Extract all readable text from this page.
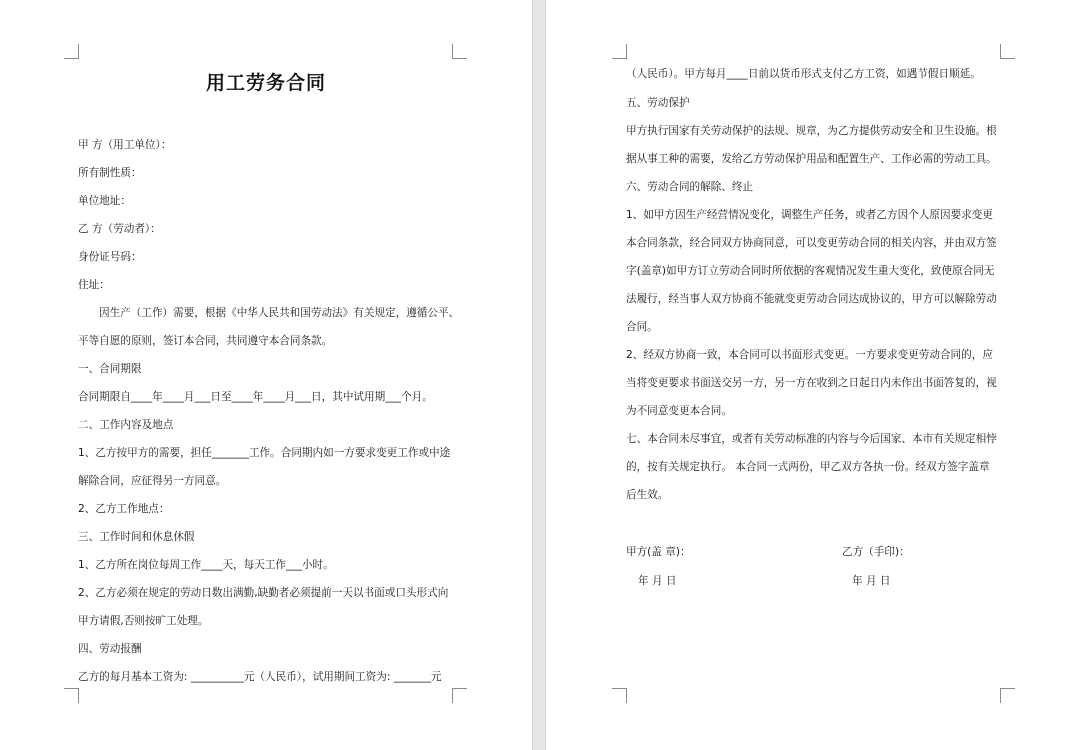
用工劳务合同
甲 方（用工单位）：
所有制性质：
单位地址：
乙 方（劳动者）：
身份证号码：
住址：
因生产（工作）需要，根据《中华人民共和国劳动法》有关规定，遵循公平、
平等自愿的原则，签订本合同，共同遵守本合同条款。
一、合同期限
合同期限自____年____月___日至____年____月___日，其中试用期___个月。
二、工作内容及地点
1、乙方按甲方的需要，担任_______工作。合同期内如一方要求变更工作或中途
解除合同，应征得另一方同意。
2、乙方工作地点：
三、工作时间和休息休假
1、乙方所在岗位每周工作____天，每天工作___小时。
2、乙方必须在规定的劳动日数出满勤,缺勤者必须提前一天以书面或口头形式向
甲方请假,否则按旷工处理。
四、劳动报酬
乙方的每月基本工资为: __________元（人民币），试用期间工资为: _______元
（人民币）。甲方每月____日前以货币形式支付乙方工资，如遇节假日顺延。
五、劳动保护
甲方执行国家有关劳动保护的法规、规章，为乙方提供劳动安全和卫生设施。根
据从事工种的需要，发给乙方劳动保护用品和配置生产、工作必需的劳动工具。
六、劳动合同的解除、终止
1、如甲方因生产经营情况变化，调整生产任务，或者乙方因个人原因要求变更
本合同条款，经合同双方协商同意，可以变更劳动合同的相关内容，并由双方签
字(盖章)如甲方订立劳动合同时所依据的客观情况发生重大变化，致使原合同无
法履行，经当事人双方协商不能就变更劳动合同达成协议的，甲方可以解除劳动
合同。
2、经双方协商一致，本合同可以书面形式变更。一方要求变更劳动合同的，应
当将变更要求书面送交另一方，另一方在收到之日起日内未作出书面答复的，视
为不同意变更本合同。
七、本合同未尽事宜，或者有关劳动标准的内容与今后国家、本市有关规定相悖
的，按有关规定执行。 本合同一式两份，甲乙双方各执一份。经双方签字盖章
后生效。
甲方(盖 章)：	乙方（手印)：
年 月 日	年 月 日
